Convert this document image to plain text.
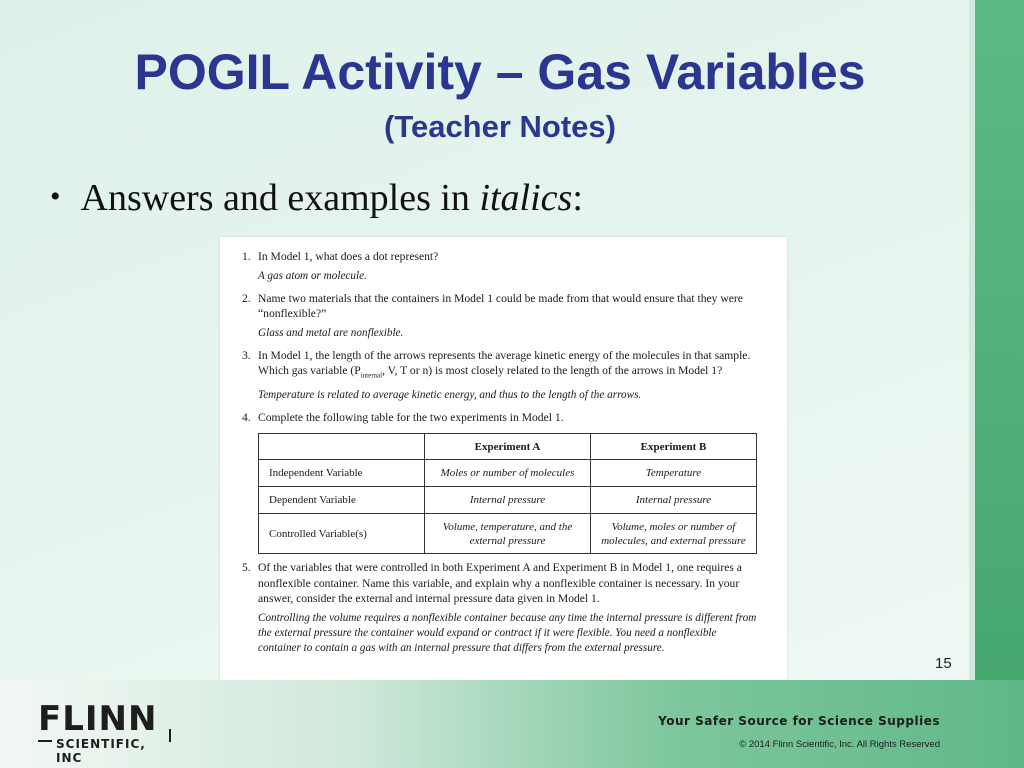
POGIL Activity – Gas Variables
(Teacher Notes)
• Answers and examples in italics:
1. In Model 1, what does a dot represent?
A gas atom or molecule.
2. Name two materials that the containers in Model 1 could be made from that would ensure that they were “nonflexible?”
Glass and metal are nonflexible.
3. In Model 1, the length of the arrows represents the average kinetic energy of the molecules in that sample. Which gas variable ($P_{internal}$, V, T or n) is most closely related to the length of the arrows in Model 1?
Temperature is related to average kinetic energy, and thus to the length of the arrows.
4. Complete the following table for the two experiments in Model 1.
	Experiment A	Experiment B
Independent Variable	Moles or number of molecules	Temperature
Dependent Variable	Internal pressure	Internal pressure
Controlled Variable(s)	Volume, temperature, and the external pressure	Volume, moles or number of molecules, and external pressure
5. Of the variables that were controlled in both Experiment A and Experiment B in Model 1, one requires a nonflexible container. Name this variable, and explain why a nonflexible container is necessary. In your answer, consider the external and internal pressure data given in Model 1.
Controlling the volume requires a nonflexible container because any time the internal pressure is different from the external pressure the container would expand or contract if it were flexible. You need a nonflexible container to contain a gas with an internal pressure that differs from the external pressure.
15
FLINN
SCIENTIFIC, INC
Your Safer Source for Science Supplies
© 2014 Flinn Scientific, Inc. All Rights Reserved
